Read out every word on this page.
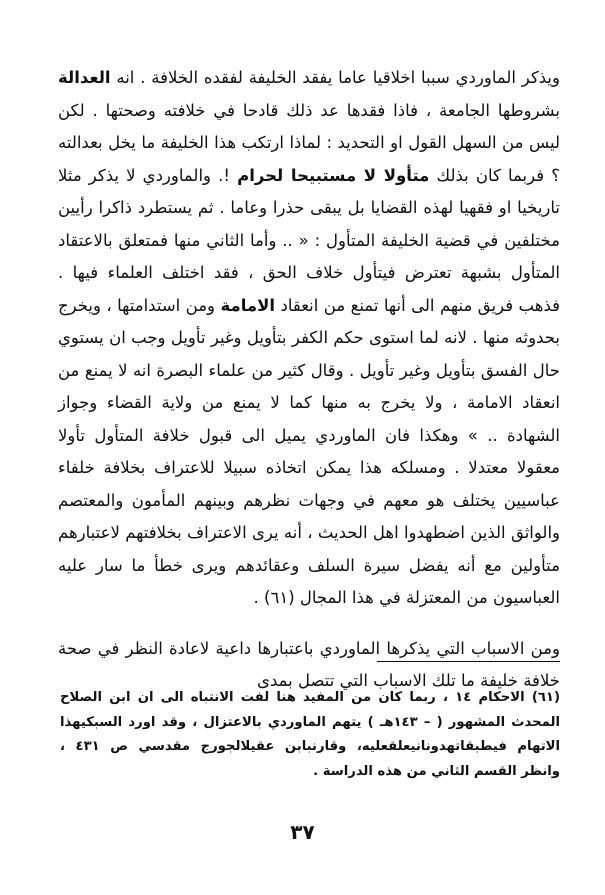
ويذكر الماوردي سببا اخلاقيا عاما يفقد الخليفة لفقده الخلافة . انه العدالة بشروطها الجامعة ، فاذا فقدها عد ذلك قادحا في خلافته وصحتها . لكن ليس من السهل القول او التحديد : لماذا ارتكب هذا الخليفة ما يخل بعدالته ؟ فربما كان بذلك متأولا لا مستبيحا لحرام !. والماوردي لا يذكر مثلا تاريخيا او فقهيا لهذه القضايا بل يبقى حذرا وعاما . ثم يستطرد ذاكرا رأيين مختلفين في قضية الخليفة المتأول : « .. وأما الثاني منها فمتعلق بالاعتقاد المتأول بشبهة تعترض فيتأول خلاف الحق ، فقد اختلف العلماء فيها . فذهب فريق منهم الى أنها تمنع من انعقاد الامامة ومن استدامتها ، ويخرج بحدوثه منها . لانه لما استوى حكم الكفر بتأويل وغير تأويل وجب ان يستوي حال الفسق بتأويل وغير تأويل . وقال كثير من علماء البصرة انه لا يمنع من انعقاد الامامة ، ولا يخرج به منها كما لا يمنع من ولاية القضاء وجواز الشهادة .. » وهكذا فان الماوردي يميل الى قبول خلافة المتأول تأولا معقولا معتدلا . ومسلكه هذا يمكن اتخاذه سبيلا للاعتراف بخلافة خلفاء عباسيين يختلف هو معهم في وجهات نظرهم وبينهم المأمون والمعتصم والواثق الذين اضطهدوا اهل الحديث ، أنه يرى الاعتراف بخلافتهم لاعتبارهم متأولين مع أنه يفضل سيرة السلف وعقائدهم ويرى خطأ ما سار عليه العباسيون من المعتزلة في هذا المجال (٦١) .

ومن الاسباب التي يذكرها الماوردي باعتبارها داعية لاعادة النظر في صحة خلافة خليفة ما تلك الاسباب التي تتصل بمدى

(٦١) الاحكام ١٤ ، ربما كان من المفيد هنا لفت الانتباه الى ان ابن الصلاح المحدث المشهور ( – ١٤٣هـ ) يتهم الماوردي بالاعتزال ، وقد اورد السبكيهذا الاتهام فيطبقاتهدونانيعلقعليه، وقارنبابن عقيلالجورج مقدسي ص ٤٣١ ، وانظر القسم الثاني من هذه الدراسة .
٣٧
